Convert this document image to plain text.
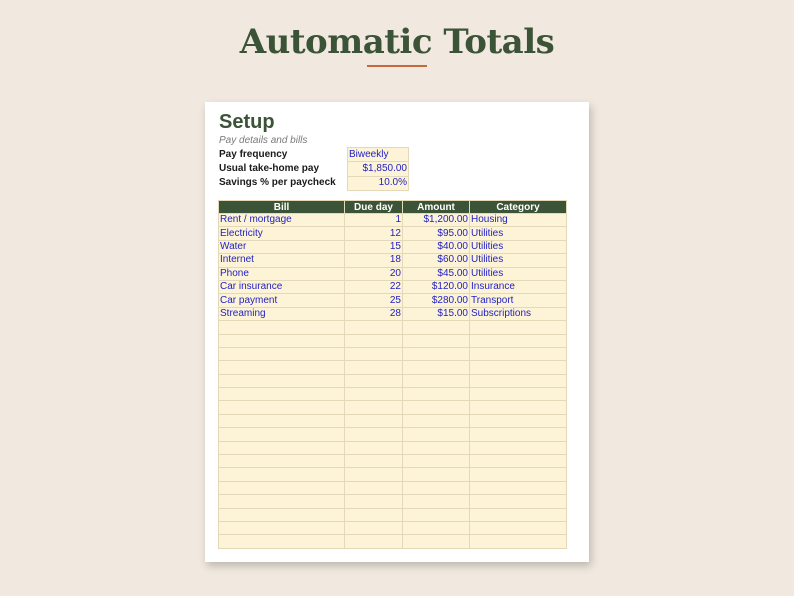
Automatic Totals
Setup
Pay details and bills
Pay frequency	Biweekly
Usual take-home pay	$1,850.00
Savings % per paycheck	10.0%
Bill	Due day	Amount	Category
Rent / mortgage	1	$1,200.00	Housing
Electricity	12	$95.00	Utilities
Water	15	$40.00	Utilities
Internet	18	$60.00	Utilities
Phone	20	$45.00	Utilities
Car insurance	22	$120.00	Insurance
Car payment	25	$280.00	Transport
Streaming	28	$15.00	Subscriptions
